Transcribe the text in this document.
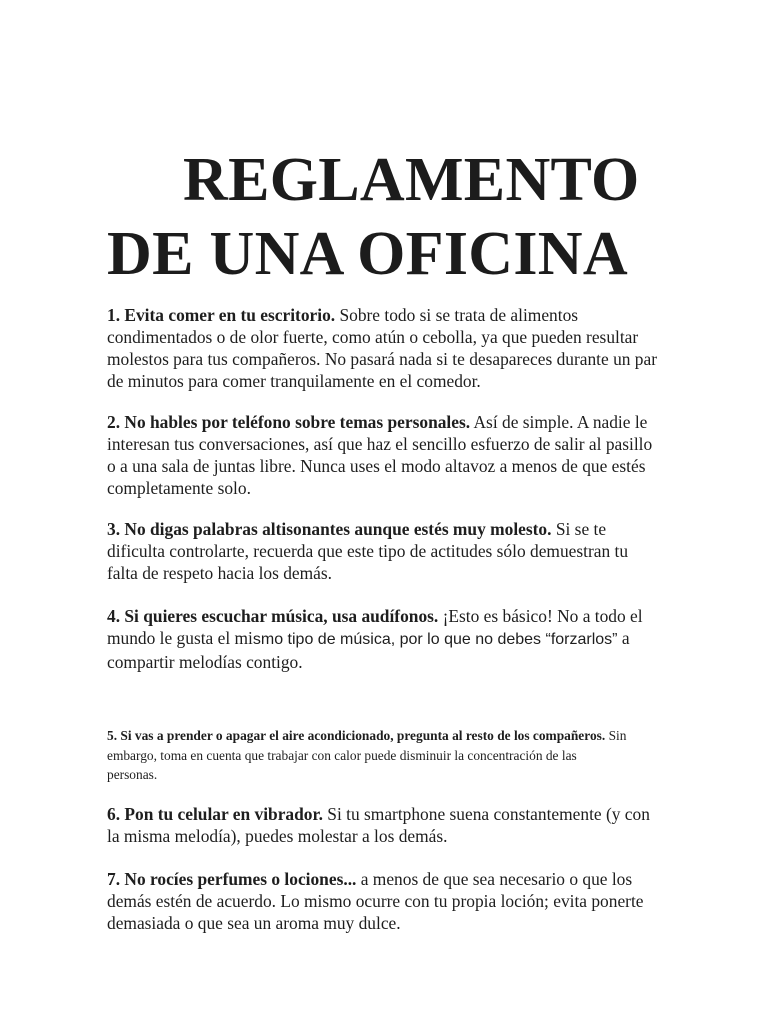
REGLAMENTO
DE UNA OFICINA

1. Evita comer en tu escritorio. Sobre todo si se trata de alimentos condimentados o de olor fuerte, como atún o cebolla, ya que pueden resultar molestos para tus compañeros. No pasará nada si te desapareces durante un par de minutos para comer tranquilamente en el comedor.

2. No hables por teléfono sobre temas personales. Así de simple. A nadie le interesan tus conversaciones, así que haz el sencillo esfuerzo de salir al pasillo o a una sala de juntas libre. Nunca uses el modo altavoz a menos de que estés completamente solo.

3. No digas palabras altisonantes aunque estés muy molesto. Si se te dificulta controlarte, recuerda que este tipo de actitudes sólo demuestran tu falta de respeto hacia los demás.

4. Si quieres escuchar música, usa audífonos. ¡Esto es básico! No a todo el mundo le gusta el mismo tipo de música, por lo que no debes “forzarlos” a compartir melodías contigo.

5. Si vas a prender o apagar el aire acondicionado, pregunta al resto de los compañeros. Sin embargo, toma en cuenta que trabajar con calor puede disminuir la concentración de las personas.

6. Pon tu celular en vibrador. Si tu smartphone suena constantemente (y con la misma melodía), puedes molestar a los demás.

7. No rocíes perfumes o lociones... a menos de que sea necesario o que los demás estén de acuerdo. Lo mismo ocurre con tu propia loción; evita ponerte demasiada o que sea un aroma muy dulce.
